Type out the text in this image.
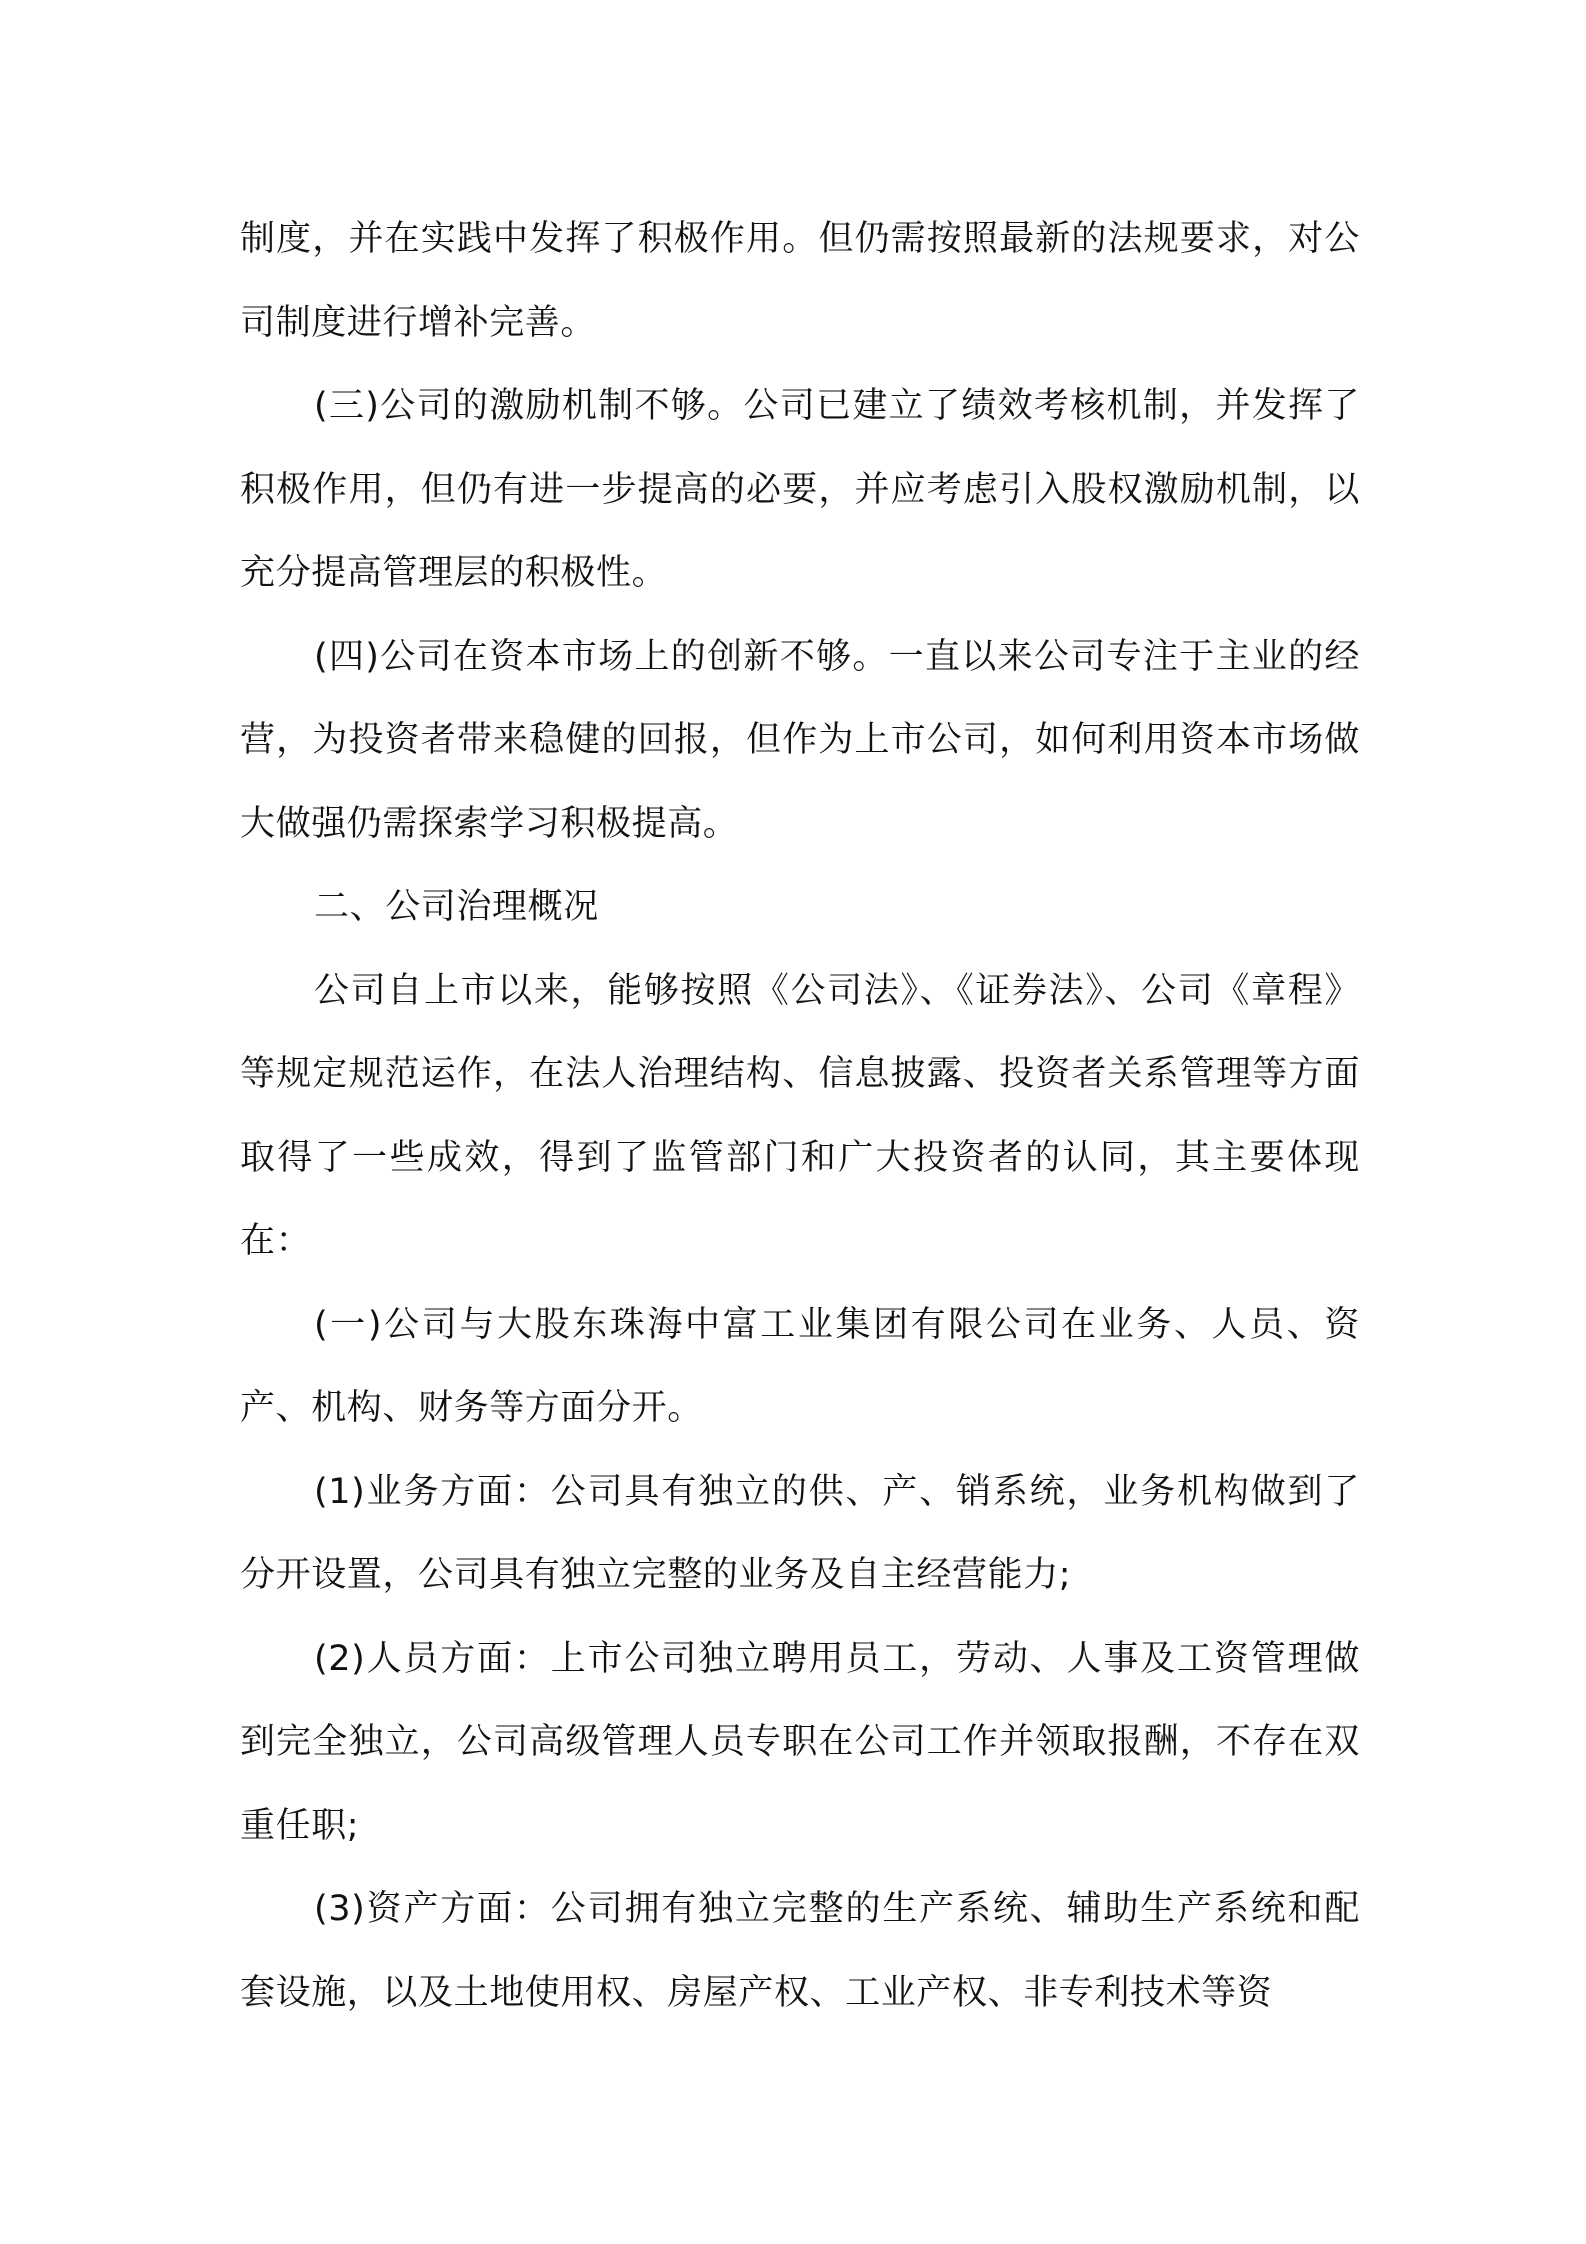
制度，并在实践中发挥了积极作用。但仍需按照最新的法规要求，对公司制度进行增补完善。

(三)公司的激励机制不够。公司已建立了绩效考核机制，并发挥了积极作用，但仍有进一步提高的必要，并应考虑引入股权激励机制，以充分提高管理层的积极性。

(四)公司在资本市场上的创新不够。一直以来公司专注于主业的经营，为投资者带来稳健的回报，但作为上市公司，如何利用资本市场做大做强仍需探索学习积极提高。

二、公司治理概况

公司自上市以来，能够按照《公司法》、《证券法》、公司《章程》等规定规范运作，在法人治理结构、信息披露、投资者关系管理等方面取得了一些成效，得到了监管部门和广大投资者的认同，其主要体现在：

(一)公司与大股东珠海中富工业集团有限公司在业务、人员、资产、机构、财务等方面分开。

(1)业务方面：公司具有独立的供、产、销系统，业务机构做到了分开设置，公司具有独立完整的业务及自主经营能力;

(2)人员方面：上市公司独立聘用员工，劳动、人事及工资管理做到完全独立，公司高级管理人员专职在公司工作并领取报酬，不存在双重任职;

(3)资产方面：公司拥有独立完整的生产系统、辅助生产系统和配套设施，以及土地使用权、房屋产权、工业产权、非专利技术等资
